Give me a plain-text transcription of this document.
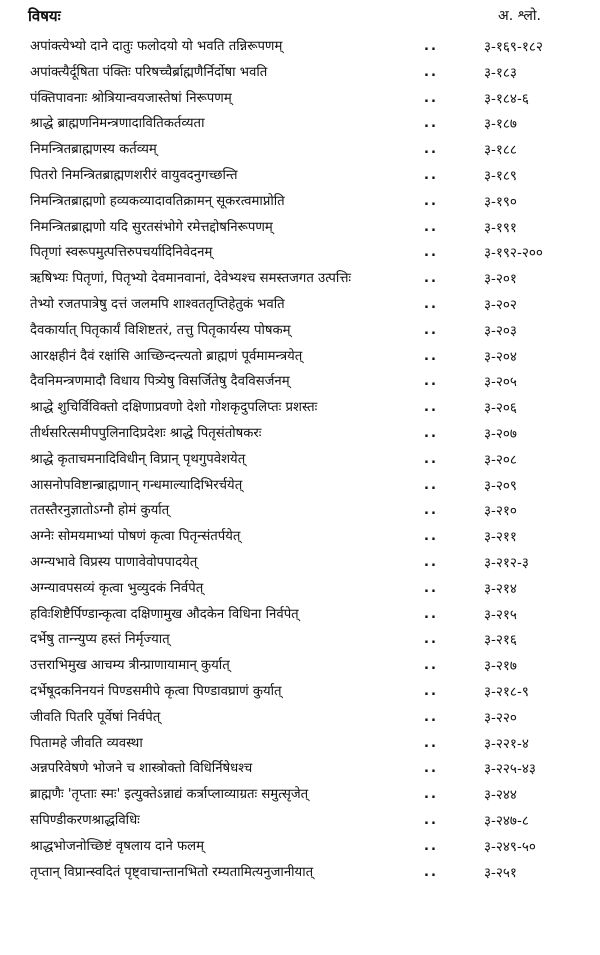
विषयः	अ. श्लो.
अपांक्त्येभ्यो दाने दातुः फलोदयो यो भवति तन्निरूपणम्	..	३-१६९-१८२
अपांक्त्यैर्दूषिता पंक्तिः परिषच्चैर्ब्राह्मणैर्निर्दोषा भवति	..	३-१८३
पंक्तिपावनाः श्रोत्रियान्वयजास्तेषां निरूपणम्	..	३-१८४-६
श्राद्धे ब्राह्मणनिमन्त्रणादावितिकर्तव्यता	..	३-१८७
निमन्त्रितब्राह्मणस्य कर्तव्यम्	..	३-१८८
पितरो निमन्त्रितब्राह्मणशरीरं वायुवदनुगच्छन्ति	..	३-१८९
निमन्त्रितब्राह्मणो हव्यकव्यादावतिक्रामन् सूकरत्वमाप्नोति	..	३-१९०
निमन्त्रितब्राह्मणो यदि सुरतसंभोगे रमेत्तद्दोषनिरूपणम्	..	३-१९१
पितृणां स्वरूपमुत्पत्तिरुपचर्यादिनिवेदनम्	..	३-१९२-२००
ऋषिभ्यः पितृणां, पितृभ्यो देवमानवानां, देवेभ्यश्च समस्तजगत उत्पत्तिः	..	३-२०१
तेभ्यो रजतपात्रेषु दत्तं जलमपि शाश्वततृप्तिहेतुकं भवति	..	३-२०२
दैवकार्यात् पितृकार्यं विशिष्टतरं, तत्तु पितृकार्यस्य पोषकम्	..	३-२०३
आरक्षहीनं दैवं रक्षांसि आच्छिन्दन्त्यतो ब्राह्मणं पूर्वमामन्त्रयेत्	..	३-२०४
दैवनिमन्त्रणमादौ विधाय पित्र्येषु विसर्जितेषु दैवविसर्जनम्	..	३-२०५
श्राद्धे शुचिर्विविक्तो दक्षिणाप्रवणो देशो गोशकृदुपलिप्तः प्रशस्तः	..	३-२०६
तीर्थसरित्समीपपुलिनादिप्रदेशः श्राद्धे पितृसंतोषकरः	..	३-२०७
श्राद्धे कृताचमनादिविधीन् विप्रान् पृथगुपवेशयेत्	..	३-२०८
आसनोपविष्टान्ब्राह्मणान् गन्धमाल्यादिभिरर्चयेत्	..	३-२०९
ततस्तैरनुज्ञातोऽग्नौ होमं कुर्यात्	..	३-२१०
अग्नेः सोमयमाभ्यां पोषणं कृत्वा पितृन्संतर्पयेत्	..	३-२११
अग्न्यभावे विप्रस्य पाणावेवोपपादयेत्	..	३-२१२-३
अग्न्यावपसव्यं कृत्वा भुव्युदकं निर्वपेत्	..	३-२१४
हविःशिष्टैर्पिण्डान्कृत्वा दक्षिणामुख औदकेन विधिना निर्वपेत्	..	३-२१५
दर्भेषु तान्न्युप्य हस्तं निर्मृज्यात्	..	३-२१६
उत्तराभिमुख आचम्य त्रीन्प्राणायामान् कुर्यात्	..	३-२१७
दर्भेषूदकनिनयनं पिण्डसमीपे कृत्वा पिण्डावघ्राणं कुर्यात्	..	३-२१८-९
जीवति पितरि पूर्वेषां निर्वपेत्	..	३-२२०
पितामहे जीवति व्यवस्था	..	३-२२१-४
अन्नपरिवेषणे भोजने च शास्त्रोक्तो विधिर्निषेधश्च	..	३-२२५-४३
ब्राह्मणैः 'तृप्ताः स्मः' इत्युक्तेऽन्नाद्यं कर्त्राप्लाव्याग्रतः समुत्सृजेत्	..	३-२४४
सपिण्डीकरणश्राद्धविधिः	..	३-२४७-८
श्राद्धभोजनोच्छिष्टं वृषलाय दाने फलम्	..	३-२४९-५०
तृप्तान् विप्रान्स्वदितं पृष्ट्वाचान्तानभितो रम्यतामित्यनुजानीयात्	..	३-२५१
